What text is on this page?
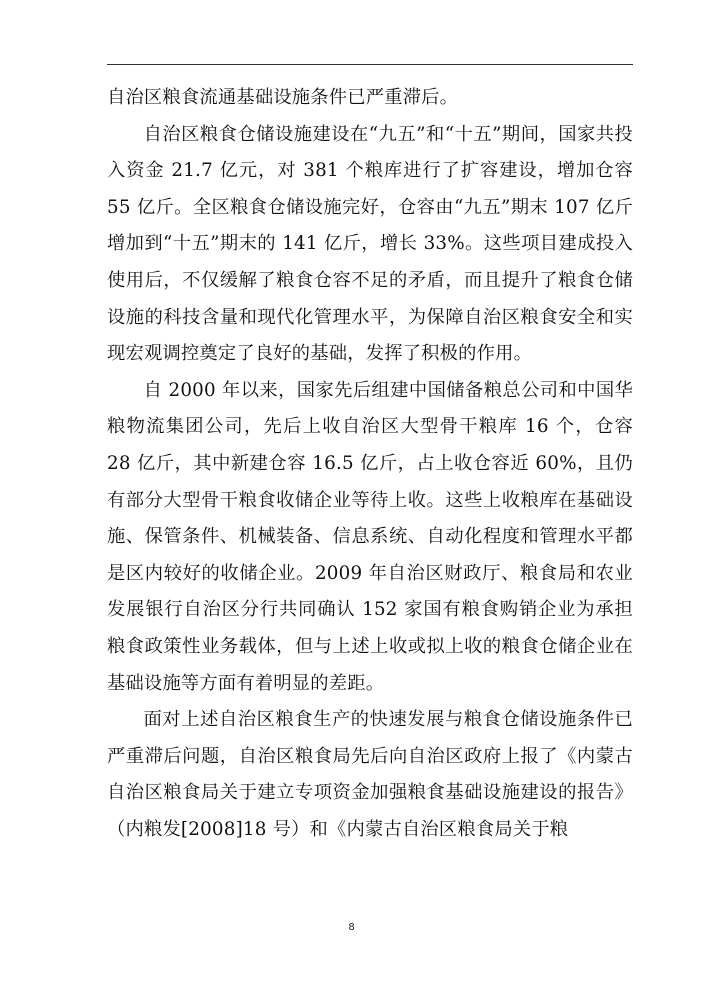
自治区粮食流通基础设施条件已严重滞后。

自治区粮食仓储设施建设在“九五”和“十五”期间，国家共投入资金 21.7 亿元，对 381 个粮库进行了扩容建设，增加仓容 55 亿斤。全区粮食仓储设施完好，仓容由“九五”期末 107 亿斤增加到“十五”期末的 141 亿斤，增长 33%。这些项目建成投入使用后，不仅缓解了粮食仓容不足的矛盾，而且提升了粮食仓储设施的科技含量和现代化管理水平，为保障自治区粮食安全和实现宏观调控奠定了良好的基础，发挥了积极的作用。

自 2000 年以来，国家先后组建中国储备粮总公司和中国华粮物流集团公司，先后上收自治区大型骨干粮库 16 个，仓容 28 亿斤，其中新建仓容 16.5 亿斤，占上收仓容近 60%，且仍有部分大型骨干粮食收储企业等待上收。这些上收粮库在基础设施、保管条件、机械装备、信息系统、自动化程度和管理水平都是区内较好的收储企业。2009 年自治区财政厅、粮食局和农业发展银行自治区分行共同确认 152 家国有粮食购销企业为承担粮食政策性业务载体，但与上述上收或拟上收的粮食仓储企业在基础设施等方面有着明显的差距。

面对上述自治区粮食生产的快速发展与粮食仓储设施条件已严重滞后问题，自治区粮食局先后向自治区政府上报了《内蒙古自治区粮食局关于建立专项资金加强粮食基础设施建设的报告》（内粮发[2008]18 号）和《内蒙古自治区粮食局关于粮

8
